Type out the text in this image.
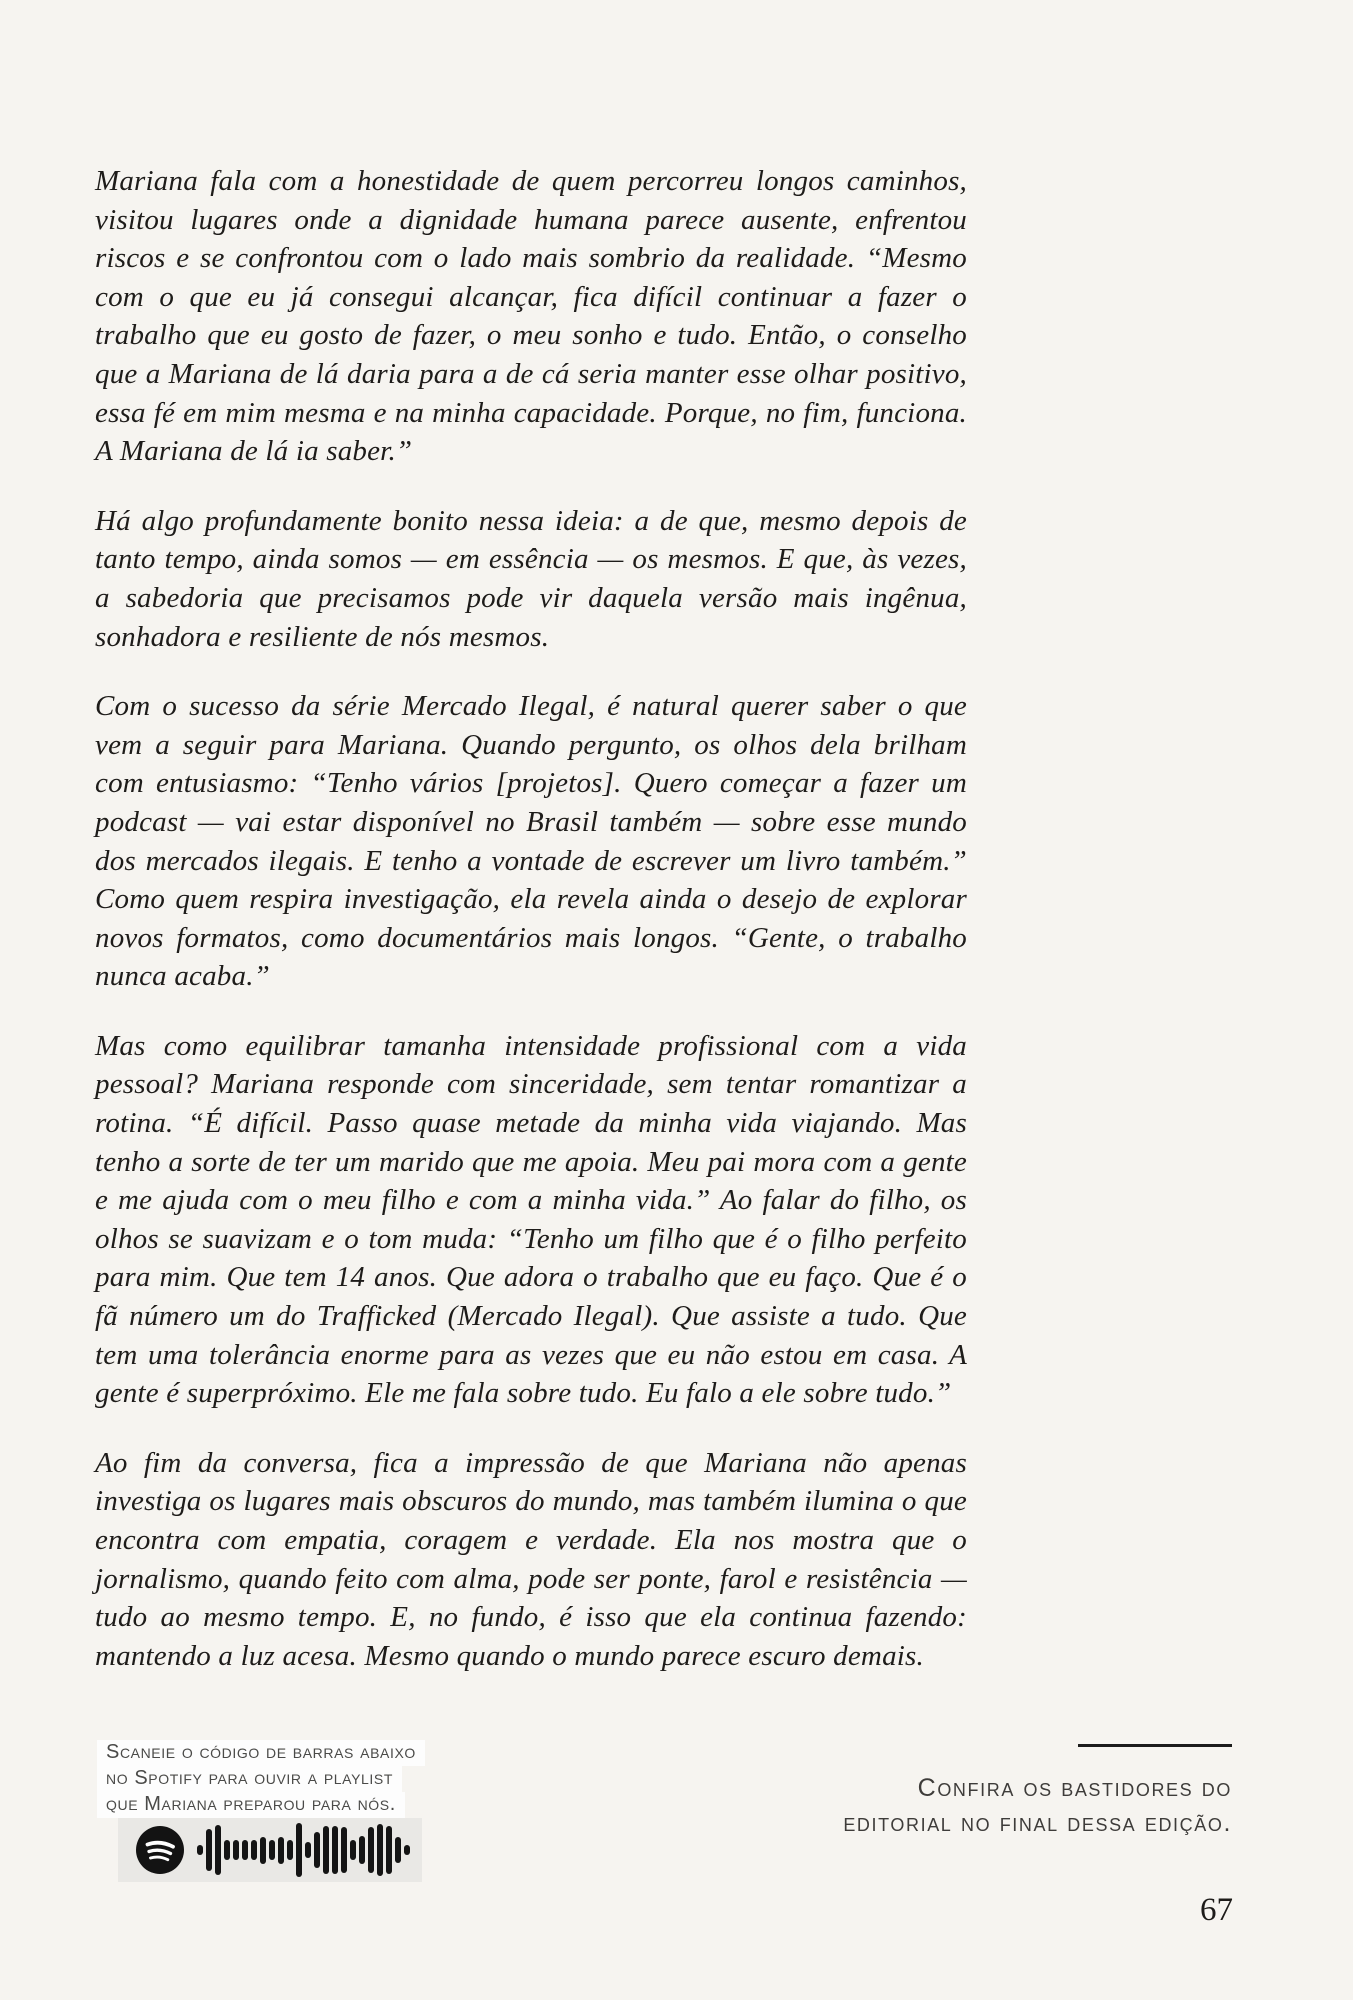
Mariana fala com a honestidade de quem percorreu longos caminhos, visitou lugares onde a dignidade humana parece ausente, enfrentou riscos e se confrontou com o lado mais sombrio da realidade. “Mesmo com o que eu já consegui alcançar, fica difícil continuar a fazer o trabalho que eu gosto de fazer, o meu sonho e tudo. Então, o conselho que a Mariana de lá daria para a de cá seria manter esse olhar positivo, essa fé em mim mesma e na minha capacidade. Porque, no fim, funciona. A Mariana de lá ia saber.”

Há algo profundamente bonito nessa ideia: a de que, mesmo depois de tanto tempo, ainda somos — em essência — os mesmos. E que, às vezes, a sabedoria que precisamos pode vir daquela versão mais ingênua, sonhadora e resiliente de nós mesmos.

Com o sucesso da série Mercado Ilegal, é natural querer saber o que vem a seguir para Mariana. Quando pergunto, os olhos dela brilham com entusiasmo: “Tenho vários [projetos]. Quero começar a fazer um podcast — vai estar disponível no Brasil também — sobre esse mundo dos mercados ilegais. E tenho a vontade de escrever um livro também.” Como quem respira investigação, ela revela ainda o desejo de explorar novos formatos, como documentários mais longos. “Gente, o trabalho nunca acaba.”

Mas como equilibrar tamanha intensidade profissional com a vida pessoal? Mariana responde com sinceridade, sem tentar romantizar a rotina. “É difícil. Passo quase metade da minha vida viajando. Mas tenho a sorte de ter um marido que me apoia. Meu pai mora com a gente e me ajuda com o meu filho e com a minha vida.” Ao falar do filho, os olhos se suavizam e o tom muda: “Tenho um filho que é o filho perfeito para mim. Que tem 14 anos. Que adora o trabalho que eu faço. Que é o fã número um do Trafficked (Mercado Ilegal). Que assiste a tudo. Que tem uma tolerância enorme para as vezes que eu não estou em casa. A gente é superpróximo. Ele me fala sobre tudo. Eu falo a ele sobre tudo.”

Ao fim da conversa, fica a impressão de que Mariana não apenas investiga os lugares mais obscuros do mundo, mas também ilumina o que encontra com empatia, coragem e verdade. Ela nos mostra que o jornalismo, quando feito com alma, pode ser ponte, farol e resistência — tudo ao mesmo tempo. E, no fundo, é isso que ela continua fazendo: mantendo a luz acesa. Mesmo quando o mundo parece escuro demais.

Scaneie o código de barras abaixo
no Spotify para ouvir a playlist
que Mariana preparou para nós.
Confira os bastidores do
editorial no final dessa edição.
67
